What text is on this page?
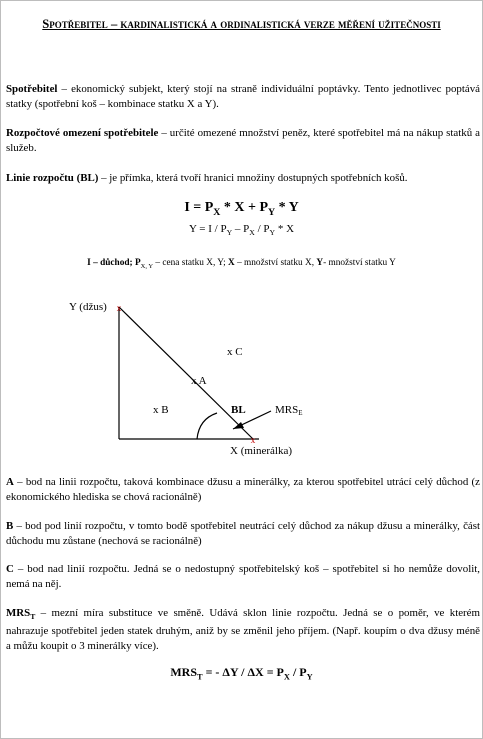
Spotřebitel – kardinalistická a ordinalistická verze měření užitečnosti
Spotřebitel – ekonomický subjekt, který stojí na straně individuální poptávky. Tento jednotlivec poptává statky (spotřební koš – kombinace statku X a Y).
Rozpočtové omezení spotřebitele – určité omezené množství peněz, které spotřebitel má na nákup statků a služeb.
Linie rozpočtu (BL) – je přímka, která tvoří hranici množiny dostupných spotřebních košů.
$I = P_X * X + P_Y * Y$
$Y = I / P_Y - P_X / P_Y * X$
I – důchod; $P_{X, Y}$ – cena statku X, Y; X – množství statku X, Y- množství statku Y
x
x
Y (džus)
X (minerálka)
x C
x A
x B	BL	MRSE
A – bod na linii rozpočtu, taková kombinace džusu a minerálky, za kterou spotřebitel utrácí celý důchod (z ekonomického hlediska se chová racionálně)
B – bod pod linií rozpočtu, v tomto bodě spotřebitel neutrácí celý důchod za nákup džusu a minerálky, část důchodu mu zůstane (nechová se racionálně)
C – bod nad linií rozpočtu. Jedná se o nedostupný spotřebitelský koš – spotřebitel si ho nemůže dovolit, nemá na něj.
$MRS_T$ – mezní míra substituce ve směně. Udává sklon linie rozpočtu. Jedná se o poměr, ve kterém nahrazuje spotřebitel jeden statek druhým, aniž by se změnil jeho příjem. (Např. koupím o dva džusy méně a můžu koupit o 3 minerálky více).
$MRS_T$ = - $\Delta Y / \Delta X = P_X / P_Y$
